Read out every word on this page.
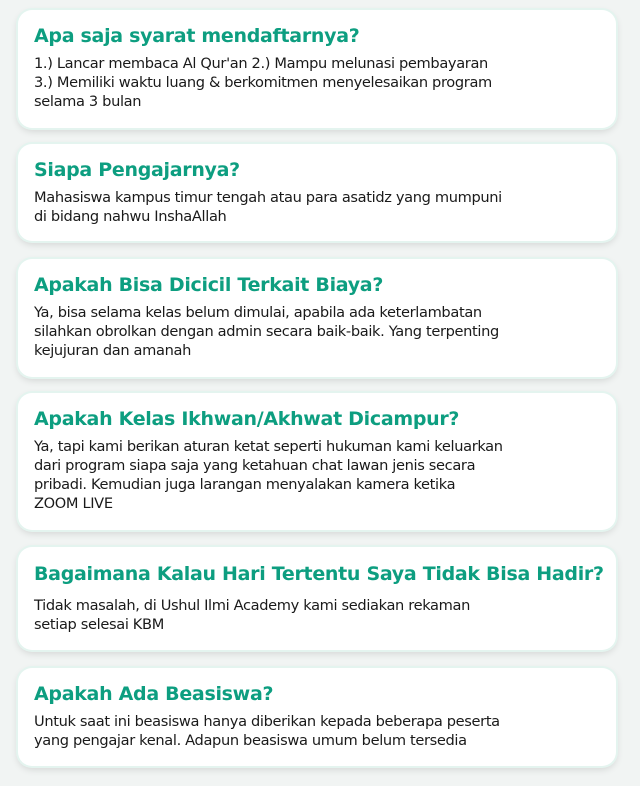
Apa saja syarat mendaftarnya?

1.) Lancar membaca Al Qur'an 2.) Mampu melunasi pembayaran
3.) Memiliki waktu luang & berkomitmen menyelesaikan program
selama 3 bulan

Siapa Pengajarnya?

Mahasiswa kampus timur tengah atau para asatidz yang mumpuni
di bidang nahwu InshaAllah

Apakah Bisa Dicicil Terkait Biaya?

Ya, bisa selama kelas belum dimulai, apabila ada keterlambatan
silahkan obrolkan dengan admin secara baik-baik. Yang terpenting
kejujuran dan amanah

Apakah Kelas Ikhwan/Akhwat Dicampur?

Ya, tapi kami berikan aturan ketat seperti hukuman kami keluarkan
dari program siapa saja yang ketahuan chat lawan jenis secara
pribadi. Kemudian juga larangan menyalakan kamera ketika
ZOOM LIVE

Bagaimana Kalau Hari Tertentu Saya Tidak Bisa Hadir?

Tidak masalah, di Ushul Ilmi Academy kami sediakan rekaman
setiap selesai KBM

Apakah Ada Beasiswa?

Untuk saat ini beasiswa hanya diberikan kepada beberapa peserta
yang pengajar kenal. Adapun beasiswa umum belum tersedia
